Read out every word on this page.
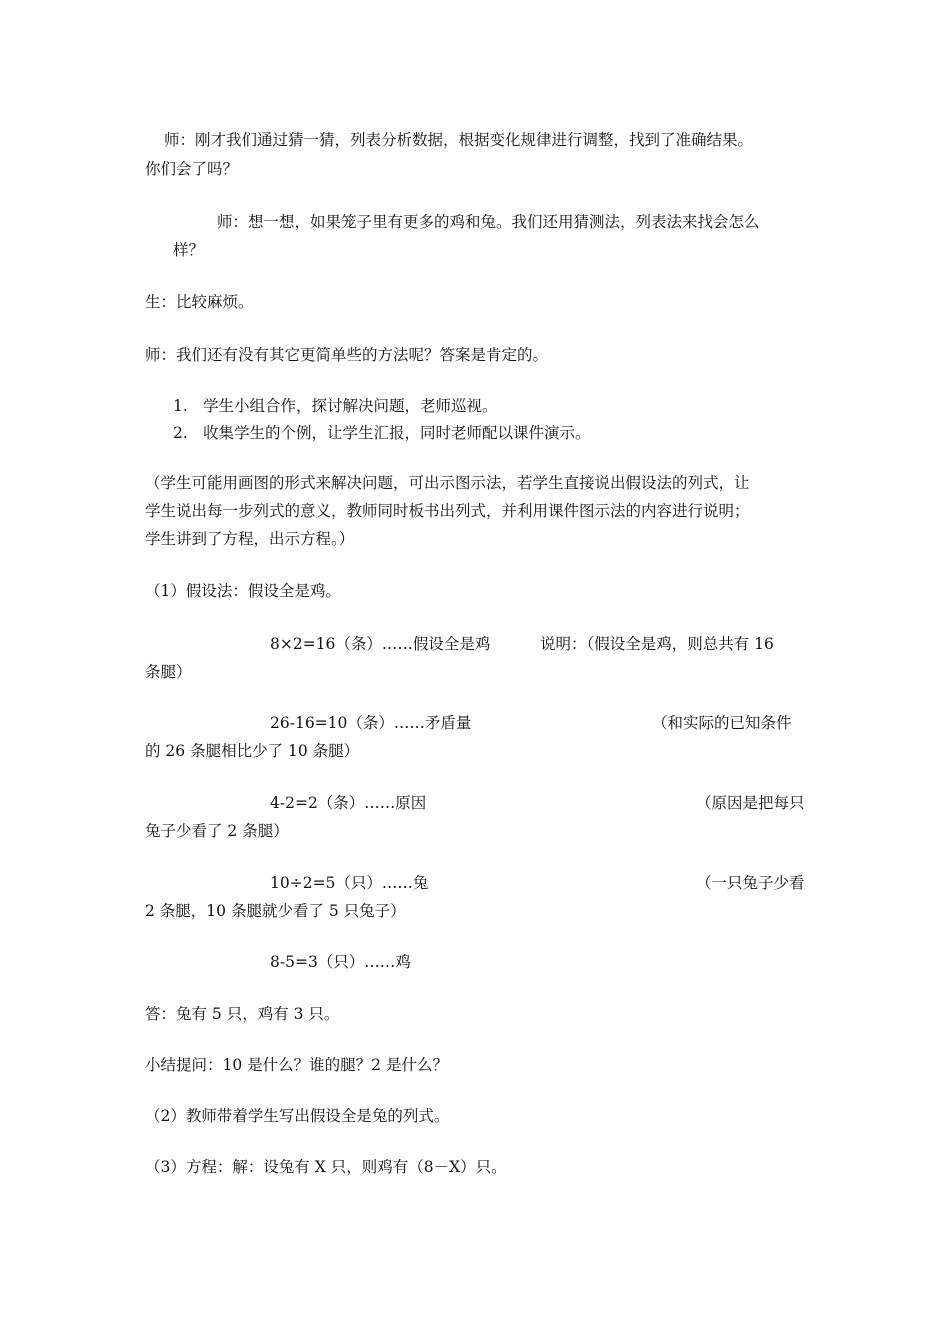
师：刚才我们通过猜一猜，列表分析数据，根据变化规律进行调整，找到了准确结果。
你们会了吗？
师：想一想，如果笼子里有更多的鸡和兔。我们还用猜测法，列表法来找会怎么
样？
生：比较麻烦。
师：我们还有没有其它更简单些的方法呢？答案是肯定的。
1. 学生小组合作，探讨解决问题，老师巡视。
2. 收集学生的个例，让学生汇报，同时老师配以课件演示。
（学生可能用画图的形式来解决问题，可出示图示法，若学生直接说出假设法的列式，让
学生说出每一步列式的意义，教师同时板书出列式，并利用课件图示法的内容进行说明；
学生讲到了方程，出示方程。）
（1）假设法：假设全是鸡。
8×2=16（条）……假设全是鸡	说明：（假设全是鸡，则总共有 16
条腿）
26-16=10（条）……矛盾量	（和实际的已知条件
的 26 条腿相比少了 10 条腿）
4-2=2（条）……原因	（原因是把每只
兔子少看了 2 条腿）
10÷2=5（只）……兔	（一只兔子少看
2 条腿，10 条腿就少看了 5 只兔子）
8-5=3（只）……鸡
答：兔有 5 只，鸡有 3 只。
小结提问：10 是什么？谁的腿？2 是什么？
（2）教师带着学生写出假设全是兔的列式。
（3）方程：解：设兔有 X 只，则鸡有（8－X）只。
